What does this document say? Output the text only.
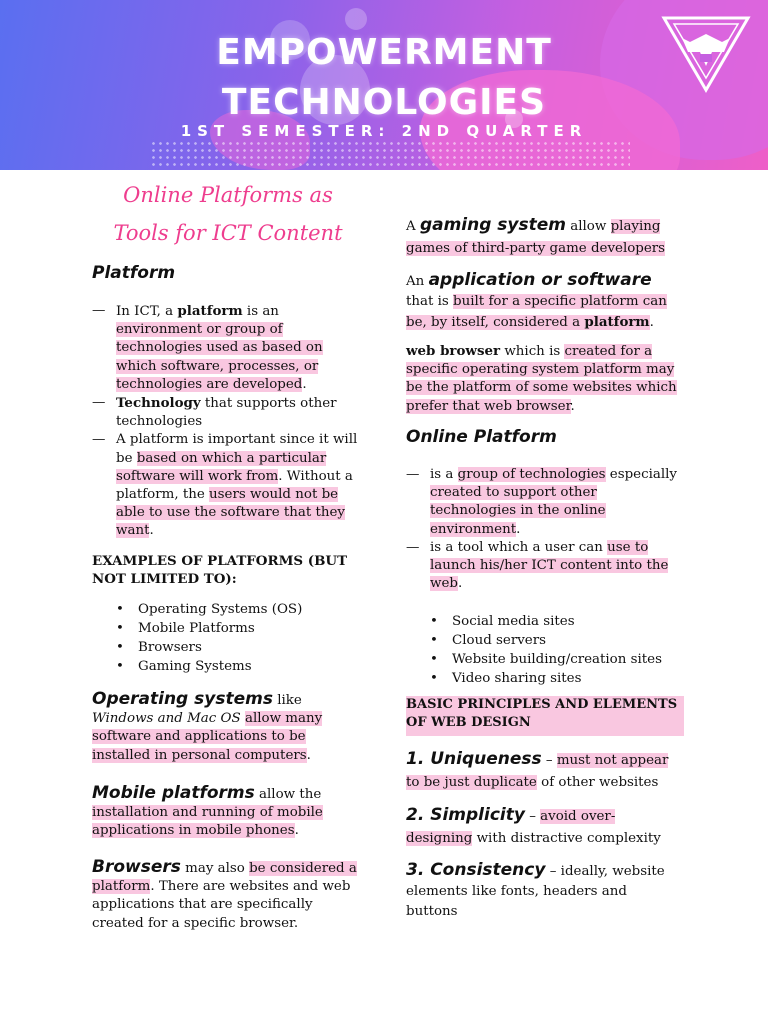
EMPOWERMENT
TECHNOLOGIES
1ST SEMESTER: 2ND QUARTER
Online Platforms as
Tools for ICT Content
Platform
— In ICT, a platform is an environment or group of technologies used as based on which software, processes, or technologies are developed.
— Technology that supports other technologies
— A platform is important since it will be based on which a particular software will work from. Without a platform, the users would not be able to use the software that they want.
EXAMPLES OF PLATFORMS (BUT NOT LIMITED TO):
• Operating Systems (OS)
• Mobile Platforms
• Browsers
• Gaming Systems
Operating systems like Windows and Mac OS allow many software and applications to be installed in personal computers.
Mobile platforms allow the installation and running of mobile applications in mobile phones.
Browsers may also be considered a platform. There are websites and web applications that are specifically created for a specific browser.
A gaming system allow playing games of third-party game developers
An application or software that is built for a specific platform can be, by itself, considered a platform.
web browser which is created for a specific operating system platform may be the platform of some websites which prefer that web browser.
Online Platform
— is a group of technologies especially created to support other technologies in the online environment.
— is a tool which a user can use to launch his/her ICT content into the web.
• Social media sites
• Cloud servers
• Website building/creation sites
• Video sharing sites
BASIC PRINCIPLES AND ELEMENTS OF WEB DESIGN
1. Uniqueness – must not appear to be just duplicate of other websites
2. Simplicity – avoid over-designing with distractive complexity
3. Consistency – ideally, website elements like fonts, headers and buttons
